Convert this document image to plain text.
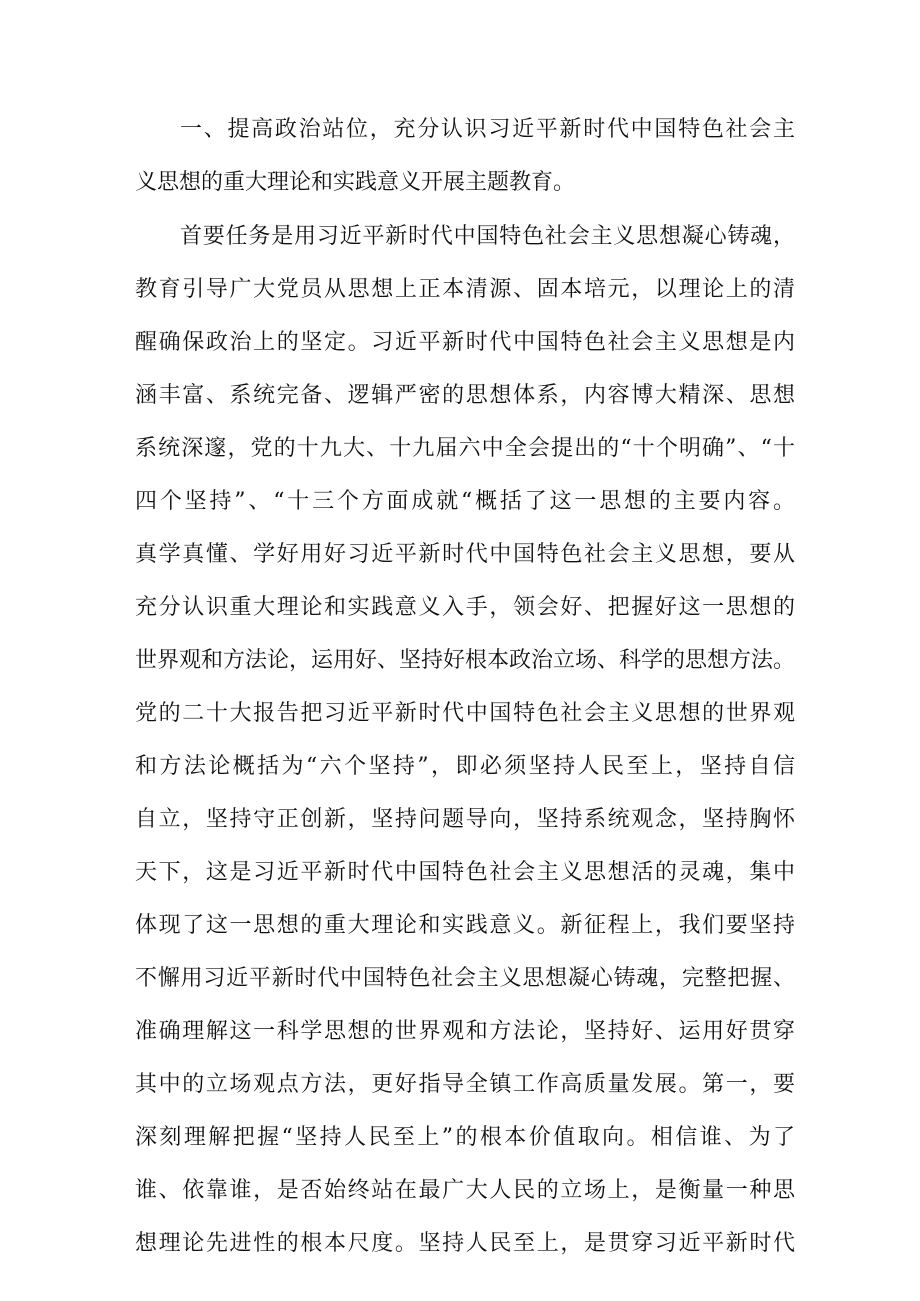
一、提高政治站位，充分认识习近平新时代中国特色社会主
义思想的重大理论和实践意义开展主题教育。
首要任务是用习近平新时代中国特色社会主义思想凝心铸魂，
教育引导广大党员从思想上正本清源、固本培元，以理论上的清
醒确保政治上的坚定。习近平新时代中国特色社会主义思想是内
涵丰富、系统完备、逻辑严密的思想体系，内容博大精深、思想
系统深邃，党的十九大、十九届六中全会提出的“十个明确”、“十
四个坚持”、“十三个方面成就“概括了这一思想的主要内容。
真学真懂、学好用好习近平新时代中国特色社会主义思想，要从
充分认识重大理论和实践意义入手，领会好、把握好这一思想的
世界观和方法论，运用好、坚持好根本政治立场、科学的思想方法。
党的二十大报告把习近平新时代中国特色社会主义思想的世界观
和方法论概括为“六个坚持”，即必须坚持人民至上，坚持自信
自立，坚持守正创新，坚持问题导向，坚持系统观念，坚持胸怀
天下，这是习近平新时代中国特色社会主义思想活的灵魂，集中
体现了这一思想的重大理论和实践意义。新征程上，我们要坚持
不懈用习近平新时代中国特色社会主义思想凝心铸魂，完整把握、
准确理解这一科学思想的世界观和方法论，坚持好、运用好贯穿
其中的立场观点方法，更好指导全镇工作高质量发展。第一，要
深刻理解把握“坚持人民至上”的根本价值取向。相信谁、为了
谁、依靠谁，是否始终站在最广大人民的立场上，是衡量一种思
想理论先进性的根本尺度。坚持人民至上，是贯穿习近平新时代
